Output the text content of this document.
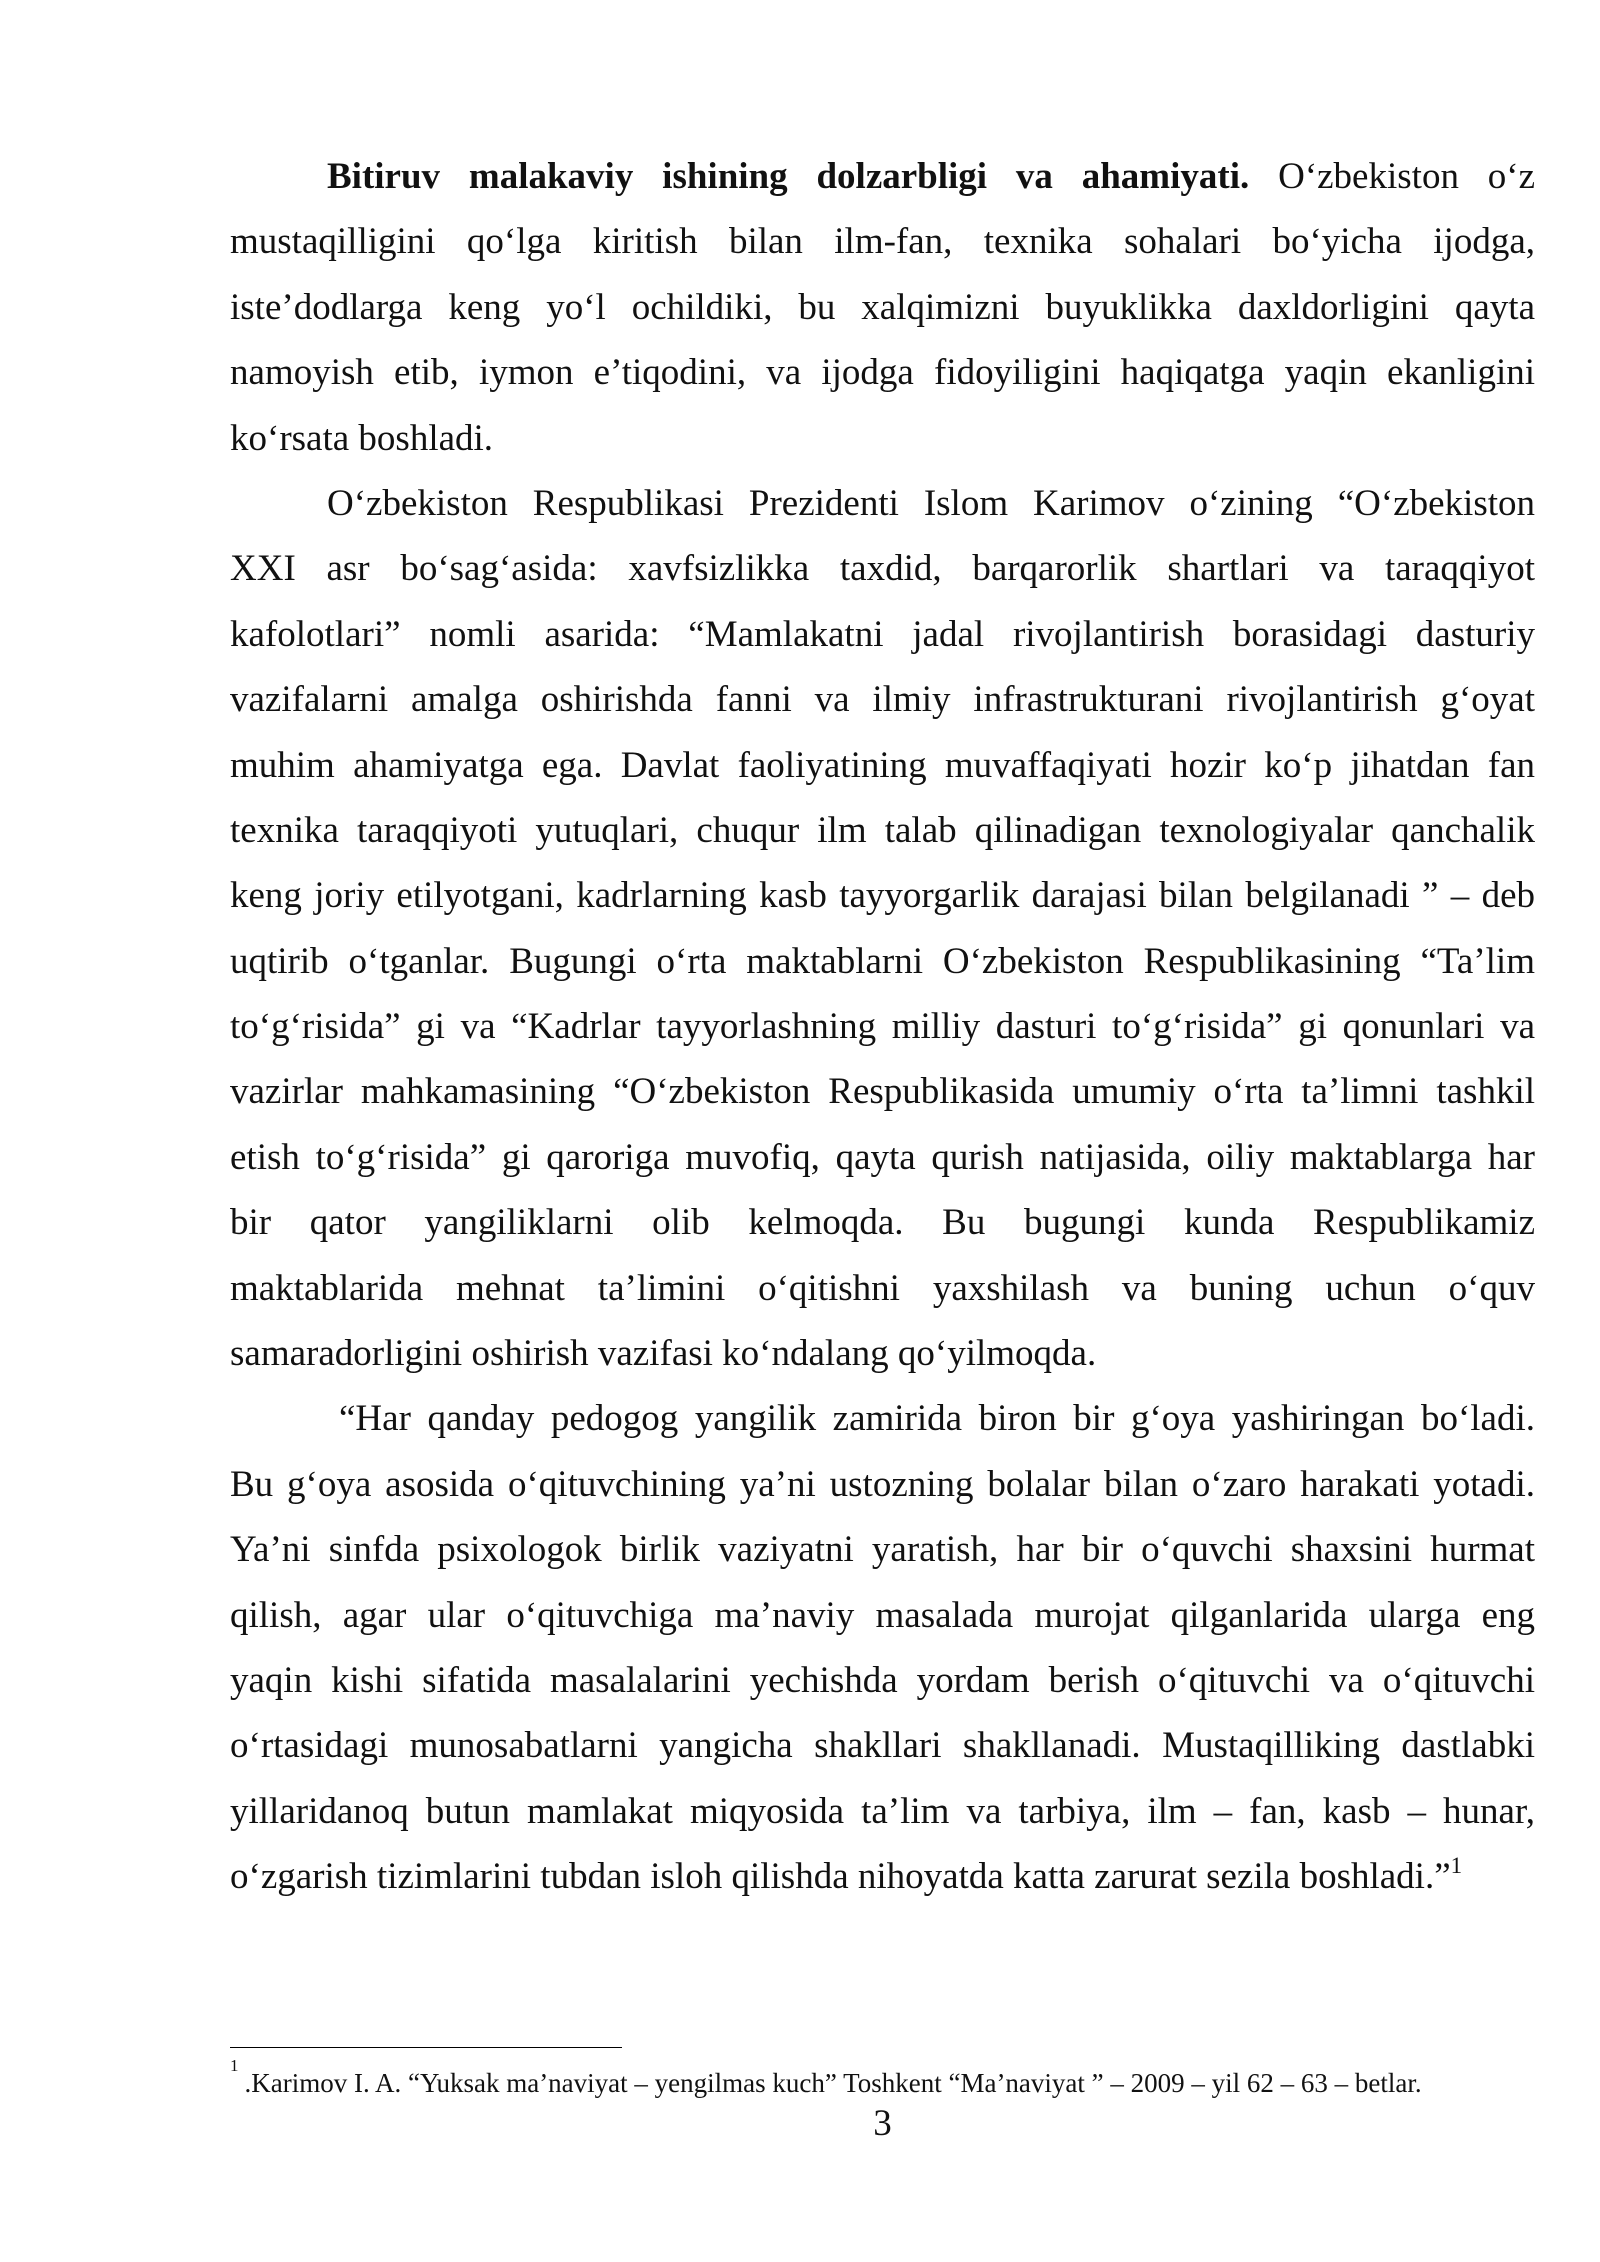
Bitiruv malakaviy ishining dolzarbligi va ahamiyati. O‘zbekiston o‘z
mustaqilligini qo‘lga kiritish bilan ilm-fan, texnika sohalari bo‘yicha ijodga,
iste’dodlarga keng yo‘l ochildiki, bu xalqimizni buyuklikka daxldorligini qayta
namoyish etib, iymon e’tiqodini, va ijodga fidoyiligini haqiqatga yaqin ekanligini
ko‘rsata boshladi.
O‘zbekiston Respublikasi Prezidenti Islom Karimov o‘zining “O‘zbekiston
XXI asr bo‘sag‘asida: xavfsizlikka taxdid, barqarorlik shartlari va taraqqiyot
kafolotlari” nomli asarida: “Mamlakatni jadal rivojlantirish borasidagi dasturiy
vazifalarni amalga oshirishda fanni va ilmiy infrastrukturani rivojlantirish g‘oyat
muhim ahamiyatga ega. Davlat faoliyatining muvaffaqiyati hozir ko‘p jihatdan fan
texnika taraqqiyoti yutuqlari, chuqur ilm talab qilinadigan texnologiyalar qanchalik
keng joriy etilyotgani, kadrlarning kasb tayyorgarlik darajasi bilan belgilanadi ” – deb
uqtirib o‘tganlar. Bugungi o‘rta maktablarni O‘zbekiston Respublikasining “Ta’lim
to‘g‘risida” gi va “Kadrlar tayyorlashning milliy dasturi to‘g‘risida” gi qonunlari va
vazirlar mahkamasining “O‘zbekiston Respublikasida umumiy o‘rta ta’limni tashkil
etish to‘g‘risida” gi qaroriga muvofiq, qayta qurish natijasida, oiliy maktablarga har
bir qator yangiliklarni olib kelmoqda. Bu bugungi kunda Respublikamiz
maktablarida mehnat ta’limini o‘qitishni yaxshilash va buning uchun o‘quv
samaradorligini oshirish vazifasi ko‘ndalang qo‘yilmoqda.
“Har qanday pedogog yangilik zamirida biron bir g‘oya yashiringan bo‘ladi.
Bu g‘oya asosida o‘qituvchining ya’ni ustozning bolalar bilan o‘zaro harakati yotadi.
Ya’ni sinfda psixologok birlik vaziyatni yaratish, har bir o‘quvchi shaxsini hurmat
qilish, agar ular o‘qituvchiga ma’naviy masalada murojat qilganlarida ularga eng
yaqin kishi sifatida masalalarini yechishda yordam berish o‘qituvchi va o‘qituvchi
o‘rtasidagi munosabatlarni yangicha shakllari shakllanadi. Mustaqilliking dastlabki
yillaridanoq butun mamlakat miqyosida ta’lim va tarbiya, ilm – fan, kasb – hunar,
o‘zgarish tizimlarini tubdan isloh qilishda nihoyatda katta zarurat sezila boshladi.”$^1$
$^1$.Karimov I. A. “Yuksak ma’naviyat – yengilmas kuch” Toshkent “Ma’naviyat ” – 2009 – yil 62 – 63 – betlar.
3
